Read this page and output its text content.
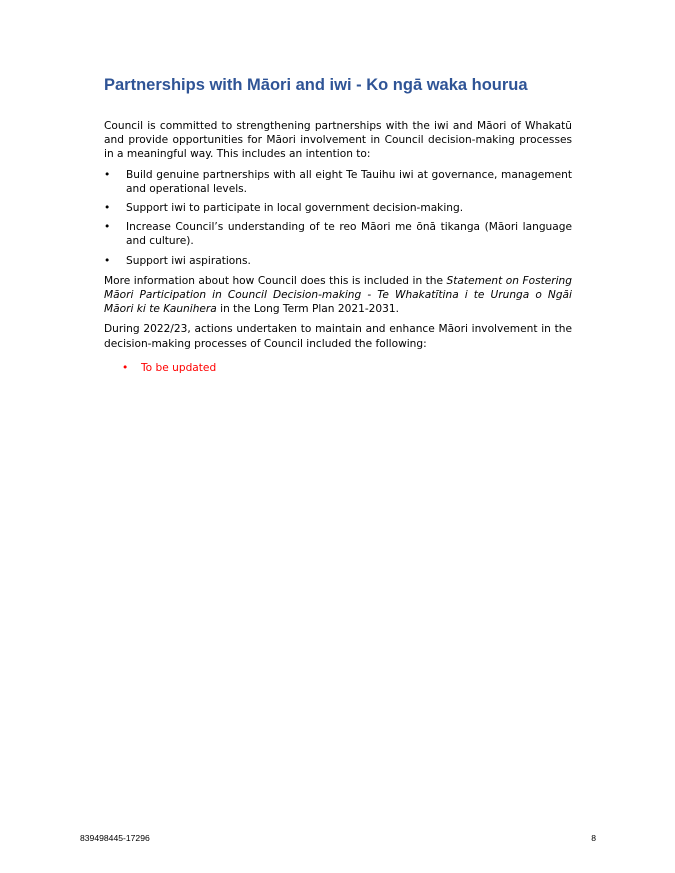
Partnerships with Māori and iwi - Ko ngā waka hourua

Council is committed to strengthening partnerships with the iwi and Māori of Whakatū and provide opportunities for Māori involvement in Council decision-making processes in a meaningful way. This includes an intention to:

• Build genuine partnerships with all eight Te Tauihu iwi at governance, management and operational levels.
• Support iwi to participate in local government decision-making.
• Increase Council’s understanding of te reo Māori me ōnā tikanga (Māori language and culture).
• Support iwi aspirations.

More information about how Council does this is included in the Statement on Fostering Māori Participation in Council Decision-making - Te Whakatītina i te Urunga o Ngāi Māori ki te Kaunihera in the Long Term Plan 2021-2031.

During 2022/23, actions undertaken to maintain and enhance Māori involvement in the decision-making processes of Council included the following:

• To be updated
839498445-17296	8
